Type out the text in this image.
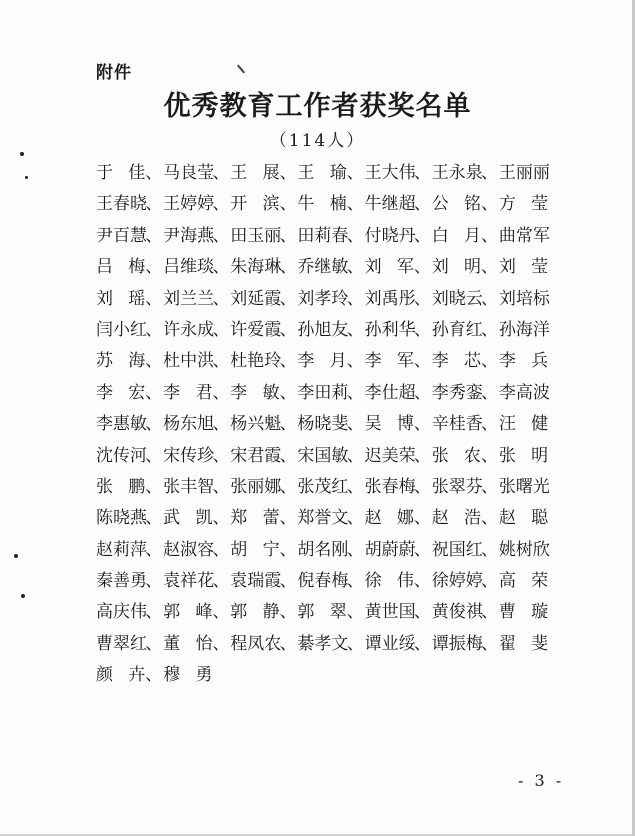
附件
优秀教育工作者获奖名单
（114人）
于 佳 、 马 良 莹
、 王 展 、 王 瑜 、 王 大 伟
、 王 永 泉
、 王 丽 丽
王 春 晓
、 王 婷 婷
、 开 滨 、 牛 楠 、 牛 继 超
、 公 铭 、 方 莹
尹 百 慧
、 尹 海 燕
、 田 玉 丽
、 田 莉 春
、 付 晓 丹
、 白 月 、 曲 常 军
吕 梅 、 吕 维 琰
、 朱 海 琳
、 乔 继 敏
、 刘 军 、 刘 明 、 刘 莹
刘 瑶 、 刘 兰 兰
、 刘 延 霞
、 刘 孝 玲
、 刘 禹 彤
、 刘 晓 云
、 刘 培 标
闫 小 红
、 许 永 成
、 许 爱 霞
、 孙 旭 友
、 孙 利 华
、 孙 育 红
、 孙 海 洋
苏 海 、 杜 中 洪
、 杜 艳 玲
、 李 月 、 李 军 、 李 芯 、 李 兵
李 宏 、 李 君 、 李 敏 、 李 田 莉
、 李 仕 超
、 李 秀 銮
、 李 高 波
李 惠 敏
、 杨 东 旭
、 杨 兴 魁
、 杨 晓 斐
、 吴 博 、 辛 桂 香
、 汪 健
沈 传 河
、 宋 传 珍
、 宋 君 霞
、 宋 国 敏
、 迟 美 荣
、 张 农 、 张 明
张 鹏 、 张 丰 智
、 张 丽 娜
、 张 茂 红
、 张 春 梅
、 张 翠 芬
、 张 曙 光
陈 晓 燕
、 武 凯 、 郑 蕾 、 郑 誉 文
、 赵 娜 、 赵 浩 、 赵 聪
赵 莉 萍
、 赵 淑 容
、 胡 宁 、 胡 名 刚
、 胡 蔚 蔚
、 祝 国 红
、 姚 树 欣
秦 善 勇
、 袁 祥 花
、 袁 瑞 霞
、 倪 春 梅
、 徐 伟 、 徐 婷 婷
、 高 荣
高 庆 伟
、 郭 峰 、 郭 静 、 郭 翠 、 黄 世 国
、 黄 俊 祺
、 曹 璇
曹 翠 红
、 董 怡 、 程 凤 农
、 綦 孝 文
、 谭 业 绥
、 谭 振 梅
、 翟 斐
颜 卉 、 穆 勇
- 3 -
